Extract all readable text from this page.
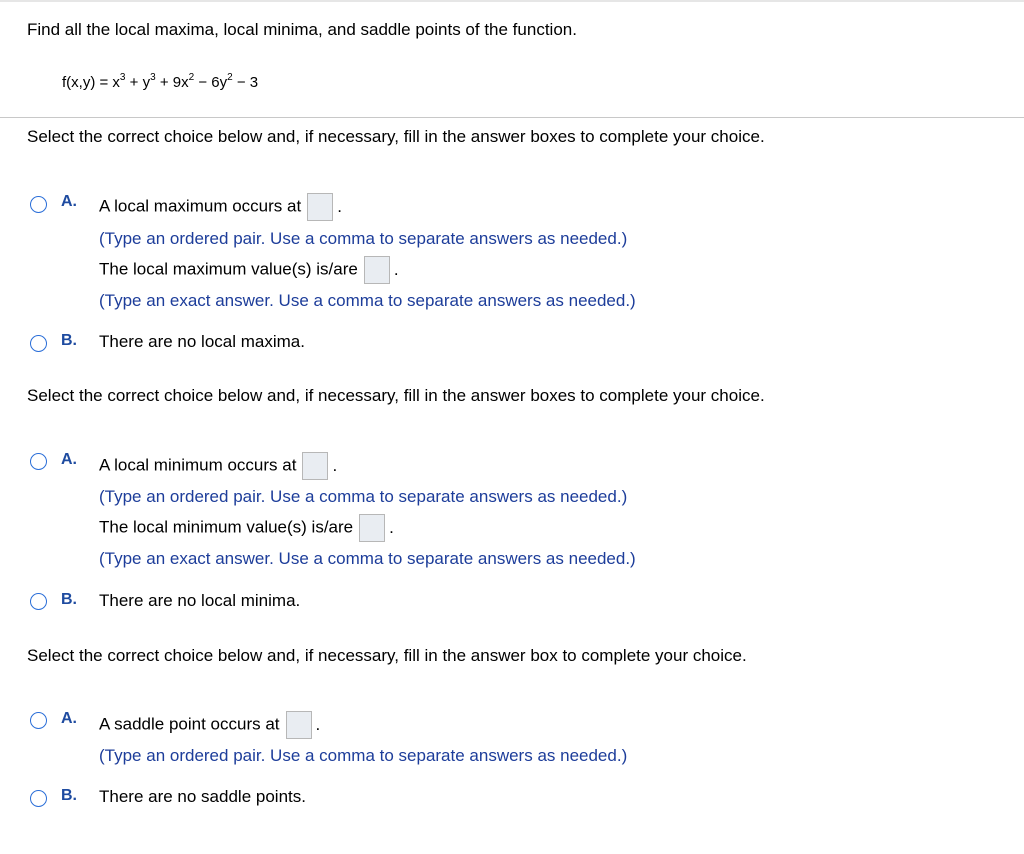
Find all the local maxima, local minima, and saddle points of the function.
$f(x,y) = x^3 + y^3 + 9x^2 - 6y^2 - 3$
Select the correct choice below and, if necessary, fill in the answer boxes to complete your choice.
A. A local maximum occurs at .
(Type an ordered pair. Use a comma to separate answers as needed.)
The local maximum value(s) is/are .
(Type an exact answer. Use a comma to separate answers as needed.)
B. There are no local maxima.
Select the correct choice below and, if necessary, fill in the answer boxes to complete your choice.
A. A local minimum occurs at .
(Type an ordered pair. Use a comma to separate answers as needed.)
The local minimum value(s) is/are .
(Type an exact answer. Use a comma to separate answers as needed.)
B. There are no local minima.
Select the correct choice below and, if necessary, fill in the answer box to complete your choice.
A. A saddle point occurs at .
(Type an ordered pair. Use a comma to separate answers as needed.)
B. There are no saddle points.
